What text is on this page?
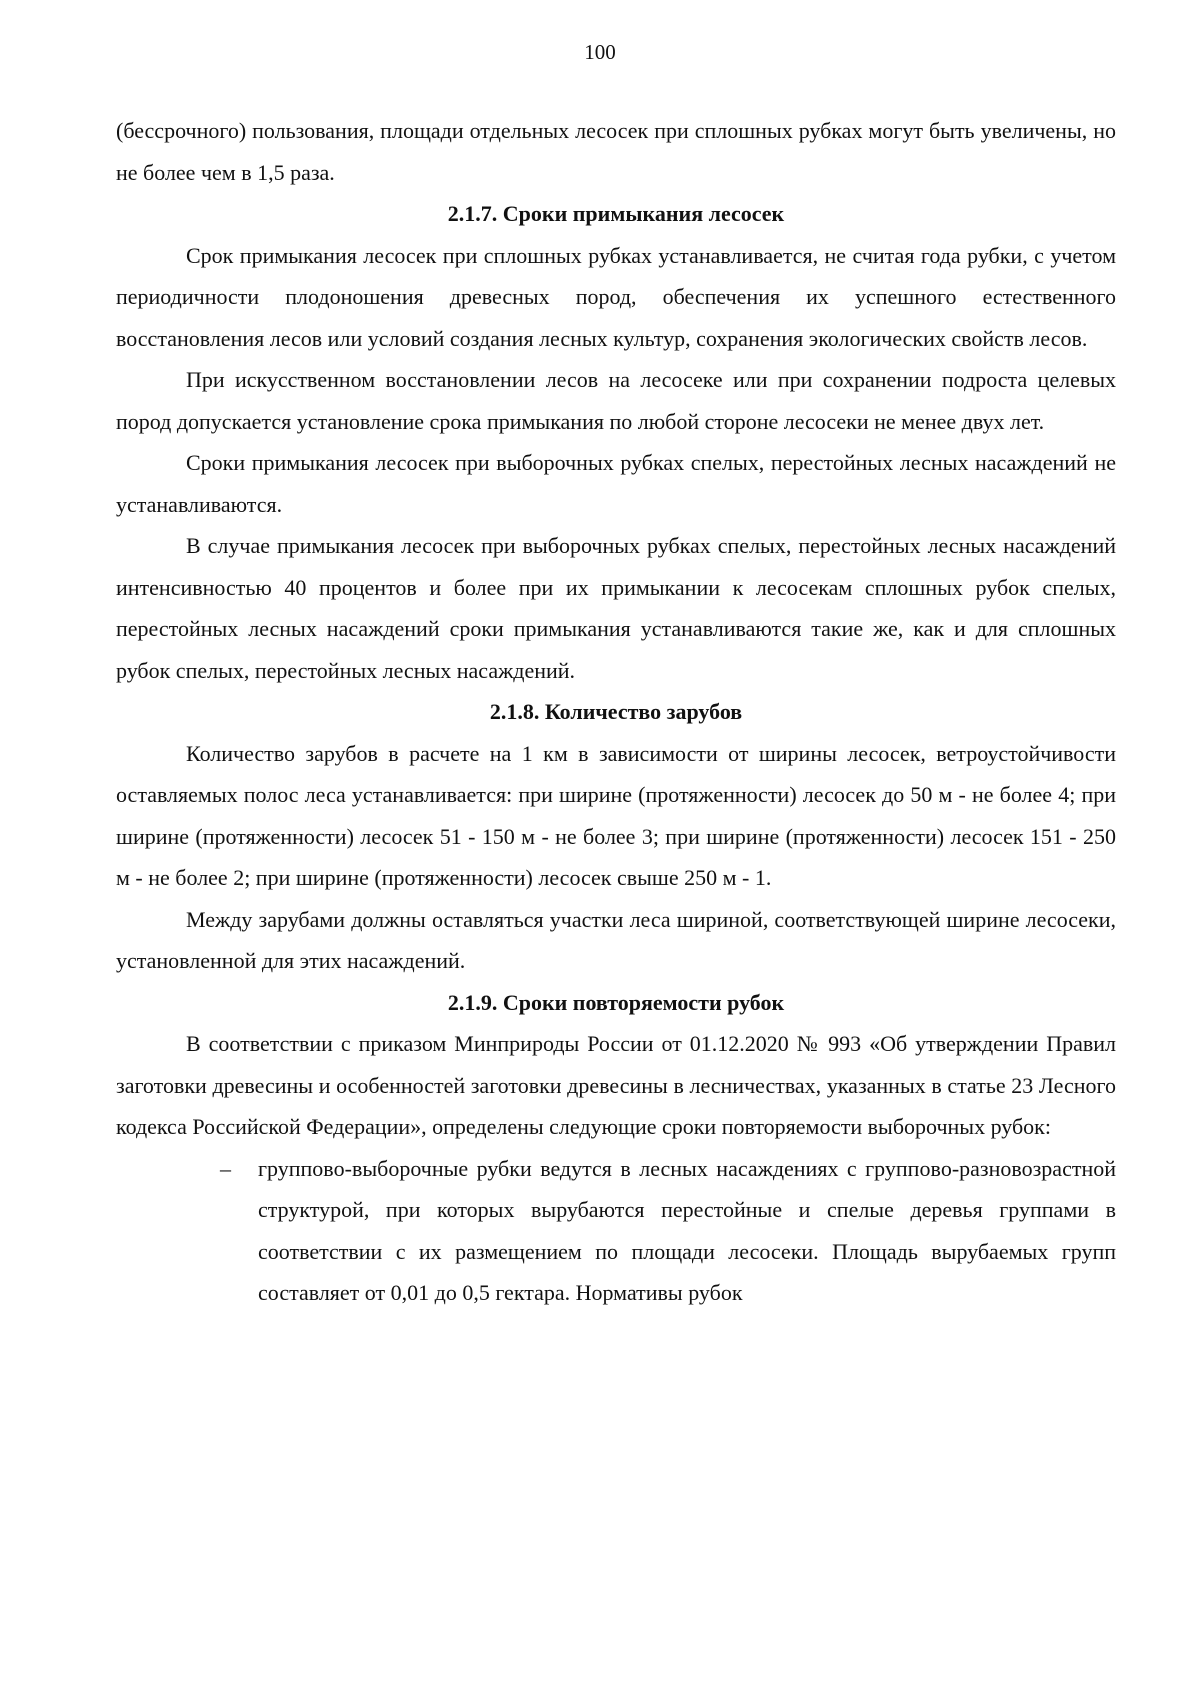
100

(бессрочного) пользования, площади отдельных лесосек при сплошных рубках могут быть увеличены, но не более чем в 1,5 раза.

2.1.7. Сроки примыкания лесосек

Срок примыкания лесосек при сплошных рубках устанавливается, не считая года рубки, с учетом периодичности плодоношения древесных пород, обеспечения их успешного естественного восстановления лесов или условий создания лесных культур, сохранения экологических свойств лесов.

При искусственном восстановлении лесов на лесосеке или при сохранении подроста целевых пород допускается установление срока примыкания по любой стороне лесосеки не менее двух лет.

Сроки примыкания лесосек при выборочных рубках спелых, перестойных лесных насаждений не устанавливаются.

В случае примыкания лесосек при выборочных рубках спелых, перестойных лесных насаждений интенсивностью 40 процентов и более при их примыкании к лесосекам сплошных рубок спелых, перестойных лесных насаждений сроки примыкания устанавливаются такие же, как и для сплошных рубок спелых, перестойных лесных насаждений.

2.1.8. Количество зарубов

Количество зарубов в расчете на 1 км в зависимости от ширины лесосек, ветроустойчивости оставляемых полос леса устанавливается: при ширине (протяженности) лесосек до 50 м - не более 4; при ширине (протяженности) лесосек 51 - 150 м - не более 3; при ширине (протяженности) лесосек 151 - 250 м - не более 2; при ширине (протяженности) лесосек свыше 250 м - 1.

Между зарубами должны оставляться участки леса шириной, соответствующей ширине лесосеки, установленной для этих насаждений.

2.1.9. Сроки повторяемости рубок

В соответствии с приказом Минприроды России от 01.12.2020 № 993 «Об утверждении Правил заготовки древесины и особенностей заготовки древесины в лесничествах, указанных в статье 23 Лесного кодекса Российской Федерации», определены следующие сроки повторяемости выборочных рубок:

– групповo-выборочные рубки ведутся в лесных насаждениях с групповo-разновозрастной структурой, при которых вырубаются перестойные и спелые деревья группами в соответствии с их размещением по площади лесосеки. Площадь вырубаемых групп составляет от 0,01 до 0,5 гектара. Нормативы рубок
